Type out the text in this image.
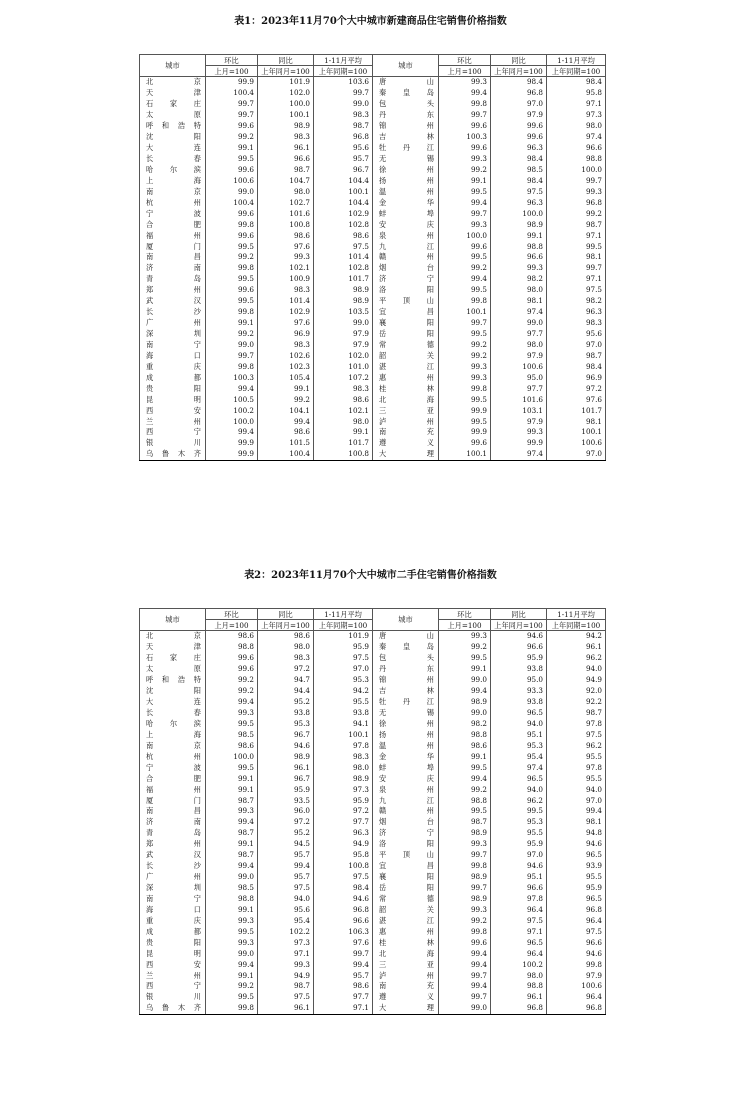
表1：2023年11月70个大中城市新建商品住宅销售价格指数
城市	环比	同比	1-11月平均	城市	环比	同比	1-11月平均
	上月=100	上年同月=100	上年同期=100		上月=100	上年同月=100	上年同期=100
北 京	99.9	101.9	103.6	唐 山	99.3	98.4	98.4
天 津	100.4	102.0	99.7	秦皇岛	99.4	96.8	95.8
石家庄	99.7	100.0	99.0	包 头	99.8	97.0	97.1
太 原	99.7	100.1	98.3	丹 东	99.7	97.9	97.3
呼和浩特	99.6	98.9	98.7	锦 州	99.6	99.6	98.0
沈 阳	99.2	98.3	96.8	吉 林	100.3	99.6	97.4
大 连	99.1	96.1	95.6	牡丹江	99.6	96.3	96.6
长 春	99.5	96.6	95.7	无 锡	99.3	98.4	98.8
哈尔滨	99.6	98.7	96.7	徐 州	99.2	98.5	100.0
上 海	100.6	104.7	104.4	扬 州	99.1	98.4	99.7
南 京	99.0	98.0	100.1	温 州	99.5	97.5	99.3
杭 州	100.4	102.7	104.4	金 华	99.4	96.3	96.8
宁 波	99.6	101.6	102.9	蚌 埠	99.7	100.0	99.2
合 肥	99.8	100.8	102.8	安 庆	99.3	98.9	98.7
福 州	99.6	98.6	98.6	泉 州	100.0	99.1	97.1
厦 门	99.5	97.6	97.5	九 江	99.6	98.8	99.5
南 昌	99.2	99.3	101.4	赣 州	99.5	96.6	98.1
济 南	99.8	102.1	102.8	烟 台	99.2	99.3	99.7
青 岛	99.5	100.9	101.7	济 宁	99.4	98.2	97.1
郑 州	99.6	98.3	98.9	洛 阳	99.5	98.0	97.5
武 汉	99.5	101.4	98.9	平顶山	99.8	98.1	98.2
长 沙	99.8	102.9	103.5	宜 昌	100.1	97.4	96.3
广 州	99.1	97.6	99.0	襄 阳	99.7	99.0	98.3
深 圳	99.2	96.9	97.9	岳 阳	99.5	97.7	95.6
南 宁	99.0	98.3	97.9	常 德	99.2	98.0	97.0
海 口	99.7	102.6	102.0	韶 关	99.2	97.9	98.7
重 庆	99.8	102.3	101.0	湛 江	99.3	100.6	98.4
成 都	100.3	105.4	107.2	惠 州	99.3	95.0	96.9
贵 阳	99.4	99.1	98.3	桂 林	99.8	97.7	97.2
昆 明	100.5	99.2	98.6	北 海	99.5	101.6	97.6
西 安	100.2	104.1	102.1	三 亚	99.9	103.1	101.7
兰 州	100.0	99.4	98.0	泸 州	99.5	97.9	98.1
西 宁	99.4	98.6	99.1	南 充	99.9	99.3	100.1
银 川	99.9	101.5	101.7	遵 义	99.6	99.9	100.6
乌鲁木齐	99.9	100.4	100.8	大 理	100.1	97.4	97.0
表2：2023年11月70个大中城市二手住宅销售价格指数
城市	环比	同比	1-11月平均	城市	环比	同比	1-11月平均
	上月=100	上年同月=100	上年同期=100		上月=100	上年同月=100	上年同期=100
北 京	98.6	98.6	101.9	唐 山	99.3	94.6	94.2
天 津	98.8	98.0	95.9	秦皇岛	99.2	96.6	96.1
石家庄	99.6	98.3	97.5	包 头	99.5	95.9	96.2
太 原	99.6	97.2	97.0	丹 东	99.1	93.8	94.0
呼和浩特	99.2	94.7	95.3	锦 州	99.0	95.0	94.9
沈 阳	99.2	94.4	94.2	吉 林	99.4	93.3	92.0
大 连	99.4	95.2	95.5	牡丹江	98.9	93.8	92.2
长 春	99.3	93.8	93.8	无 锡	99.0	96.5	98.7
哈尔滨	99.5	95.3	94.1	徐 州	98.2	94.0	97.8
上 海	98.5	96.7	100.1	扬 州	98.8	95.1	97.5
南 京	98.6	94.6	97.8	温 州	98.6	95.3	96.2
杭 州	100.0	98.9	98.3	金 华	99.1	95.4	95.5
宁 波	99.5	96.1	98.0	蚌 埠	99.5	97.4	97.8
合 肥	99.1	96.7	98.9	安 庆	99.4	96.5	95.5
福 州	99.1	95.9	97.3	泉 州	99.2	94.0	94.0
厦 门	98.7	93.5	95.9	九 江	98.8	96.2	97.0
南 昌	99.3	96.0	97.2	赣 州	99.5	99.5	99.4
济 南	99.4	97.2	97.7	烟 台	98.7	95.3	98.1
青 岛	98.7	95.2	96.3	济 宁	98.9	95.5	94.8
郑 州	99.1	94.5	94.9	洛 阳	99.3	95.9	94.6
武 汉	98.7	95.7	95.8	平顶山	99.7	97.0	96.5
长 沙	99.4	99.4	100.8	宜 昌	99.8	94.6	93.9
广 州	99.0	95.7	97.5	襄 阳	98.9	95.1	95.5
深 圳	98.5	97.5	98.4	岳 阳	99.7	96.6	95.9
南 宁	98.8	94.0	94.6	常 德	98.9	97.8	96.5
海 口	99.1	95.6	96.8	韶 关	99.3	96.4	96.8
重 庆	99.3	95.4	96.6	湛 江	99.2	97.5	96.4
成 都	99.5	102.2	106.3	惠 州	99.8	97.1	97.5
贵 阳	99.3	97.3	97.6	桂 林	99.6	96.5	96.6
昆 明	99.0	97.1	99.7	北 海	99.4	96.4	94.6
西 安	99.4	99.3	99.4	三 亚	99.4	100.2	99.8
兰 州	99.1	94.9	95.7	泸 州	99.7	98.0	97.9
西 宁	99.2	98.7	98.6	南 充	99.4	98.8	100.6
银 川	99.5	97.5	97.7	遵 义	99.7	96.1	96.4
乌鲁木齐	99.8	96.1	97.1	大 理	99.0	96.8	96.8
